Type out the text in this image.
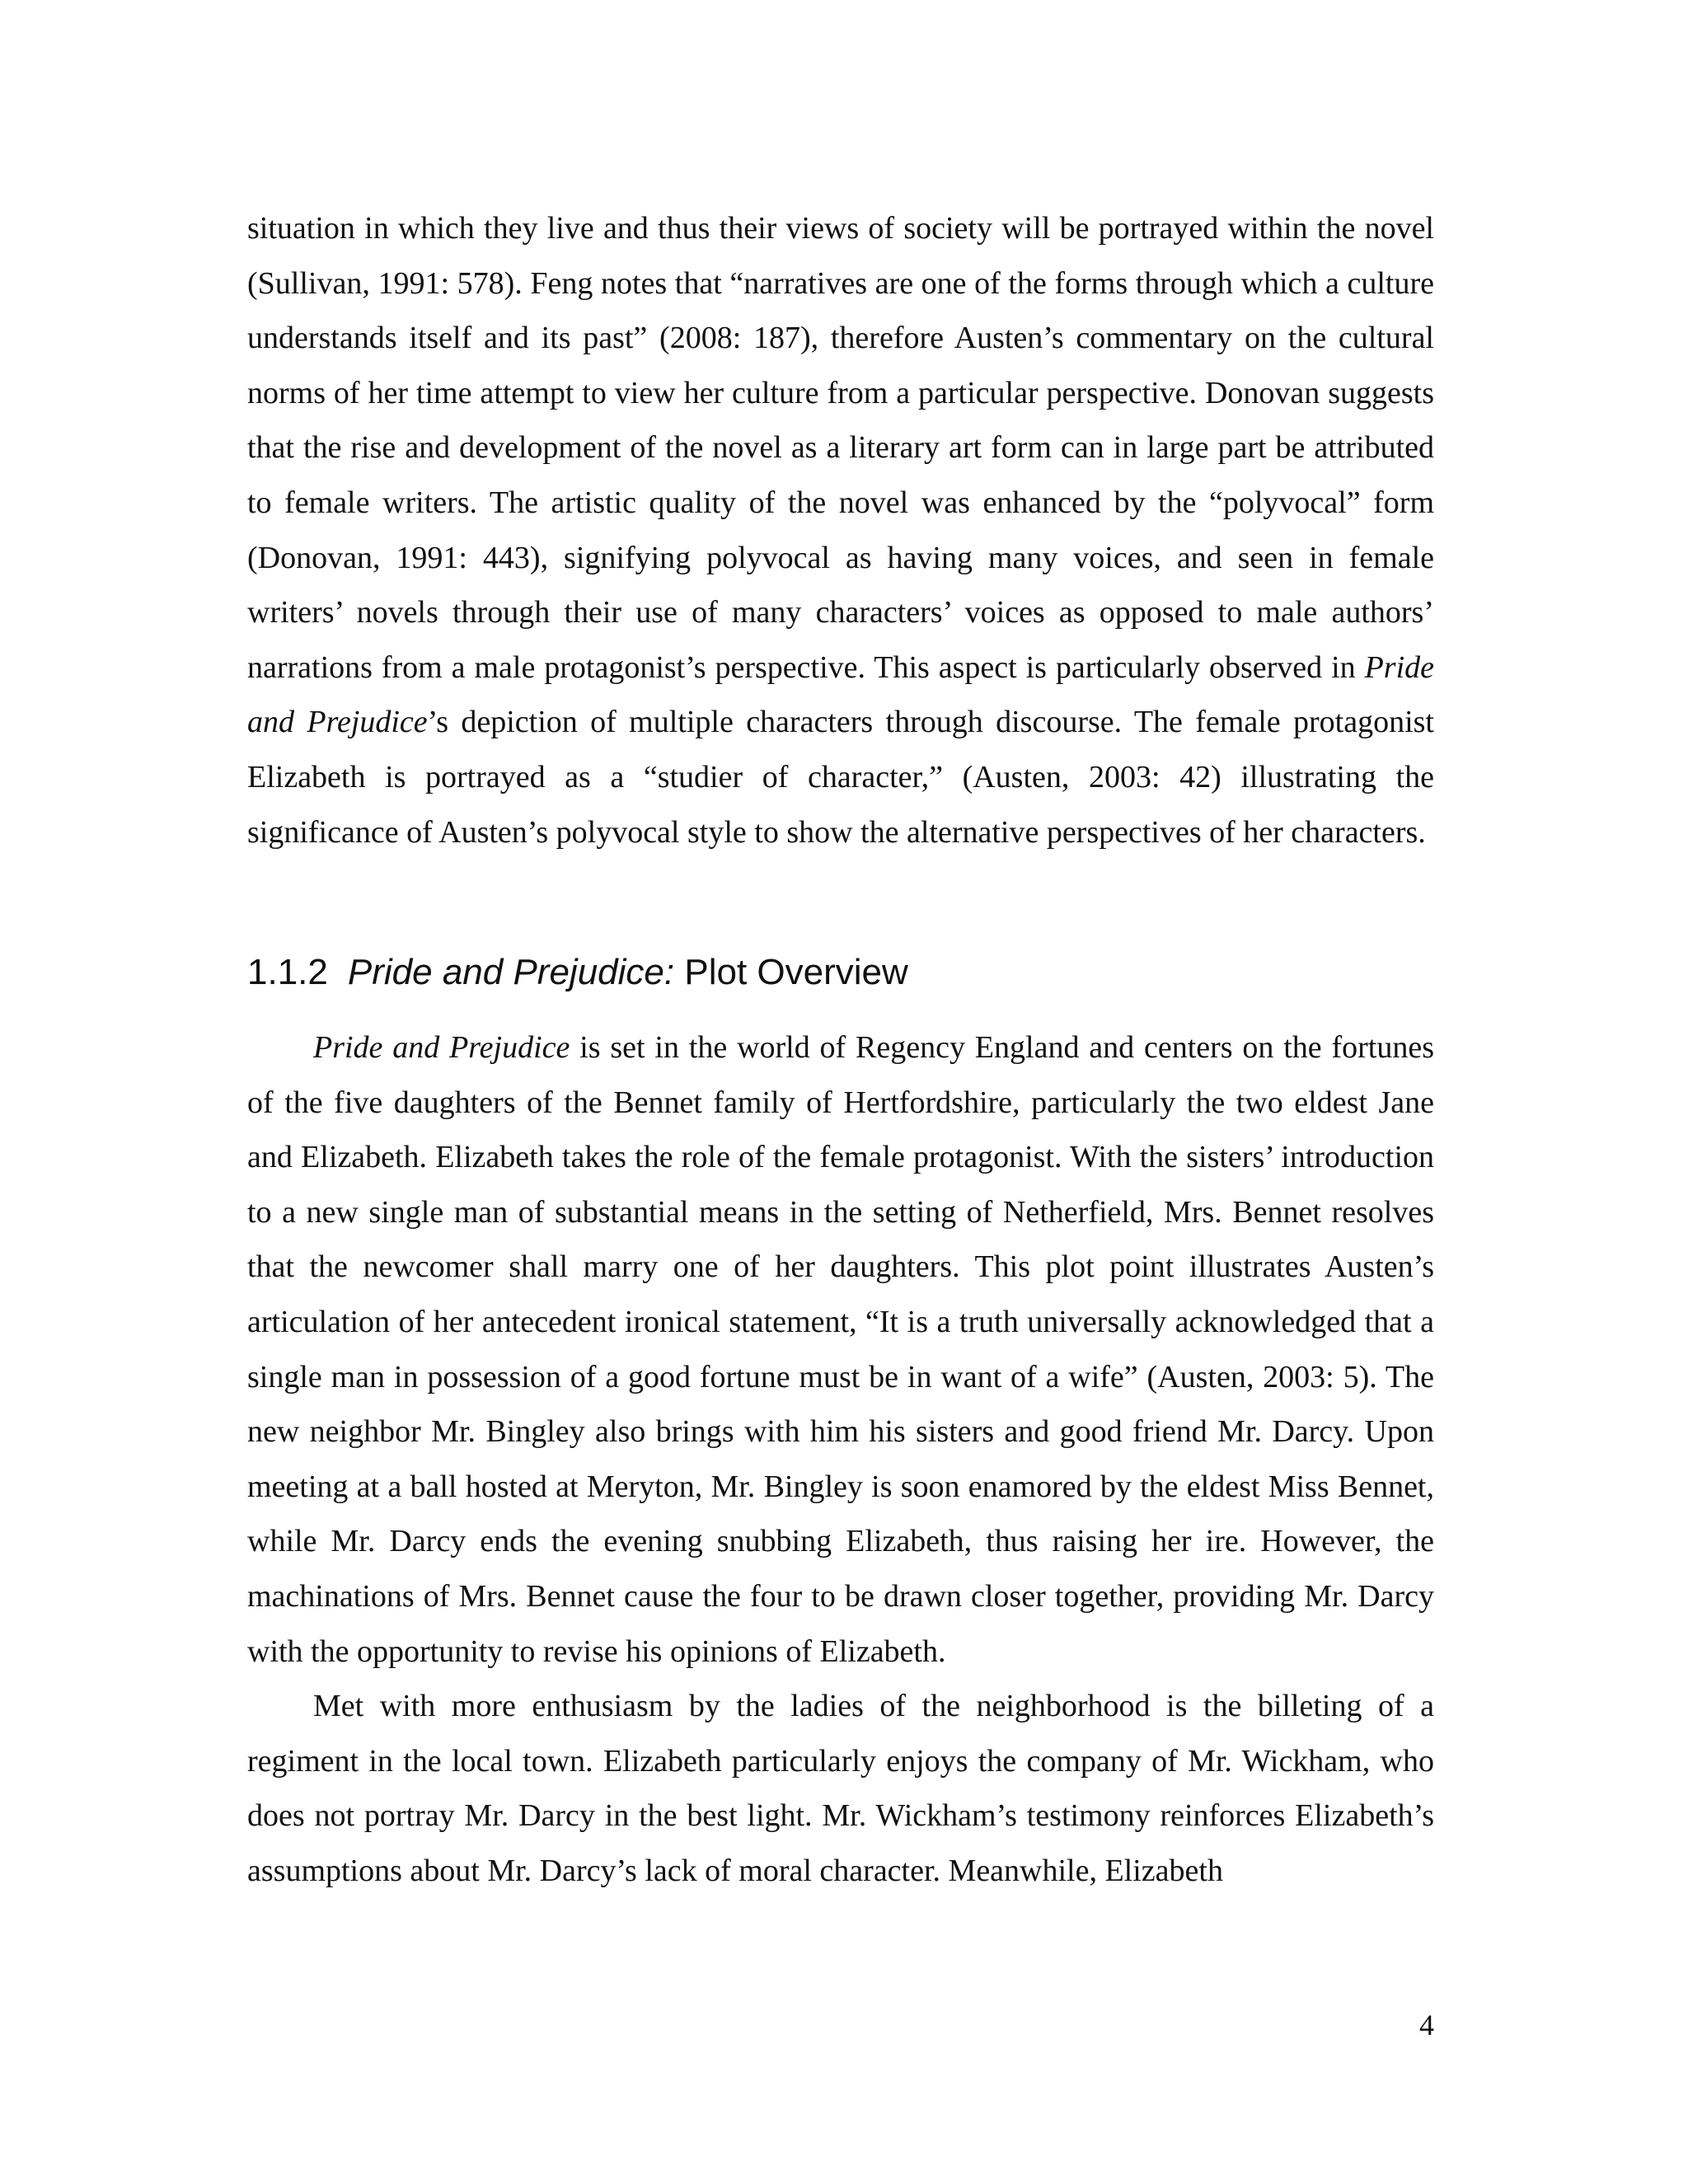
situation in which they live and thus their views of society will be portrayed within the novel (Sullivan, 1991: 578). Feng notes that “narratives are one of the forms through which a culture understands itself and its past” (2008: 187), therefore Austen’s commentary on the cultural norms of her time attempt to view her culture from a particular perspective. Donovan suggests that the rise and development of the novel as a literary art form can in large part be attributed to female writers. The artistic quality of the novel was enhanced by the “polyvocal” form (Donovan, 1991: 443), signifying polyvocal as having many voices, and seen in female writers’ novels through their use of many characters’ voices as opposed to male authors’ narrations from a male protagonist’s perspective. This aspect is particularly observed in Pride and Prejudice’s depiction of multiple characters through discourse. The female protagonist Elizabeth is portrayed as a “studier of character,” (Austen, 2003: 42) illustrating the significance of Austen’s polyvocal style to show the alternative perspectives of her characters.

1.1.2 Pride and Prejudice: Plot Overview

Pride and Prejudice is set in the world of Regency England and centers on the fortunes of the five daughters of the Bennet family of Hertfordshire, particularly the two eldest Jane and Elizabeth. Elizabeth takes the role of the female protagonist. With the sisters’ introduction to a new single man of substantial means in the setting of Netherfield, Mrs. Bennet resolves that the newcomer shall marry one of her daughters. This plot point illustrates Austen’s articulation of her antecedent ironical statement, “It is a truth universally acknowledged that a single man in possession of a good fortune must be in want of a wife” (Austen, 2003: 5). The new neighbor Mr. Bingley also brings with him his sisters and good friend Mr. Darcy. Upon meeting at a ball hosted at Meryton, Mr. Bingley is soon enamored by the eldest Miss Bennet, while Mr. Darcy ends the evening snubbing Elizabeth, thus raising her ire. However, the machinations of Mrs. Bennet cause the four to be drawn closer together, providing Mr. Darcy with the opportunity to revise his opinions of Elizabeth.

Met with more enthusiasm by the ladies of the neighborhood is the billeting of a regiment in the local town. Elizabeth particularly enjoys the company of Mr. Wickham, who does not portray Mr. Darcy in the best light. Mr. Wickham’s testimony reinforces Elizabeth’s assumptions about Mr. Darcy’s lack of moral character. Meanwhile, Elizabeth

4
